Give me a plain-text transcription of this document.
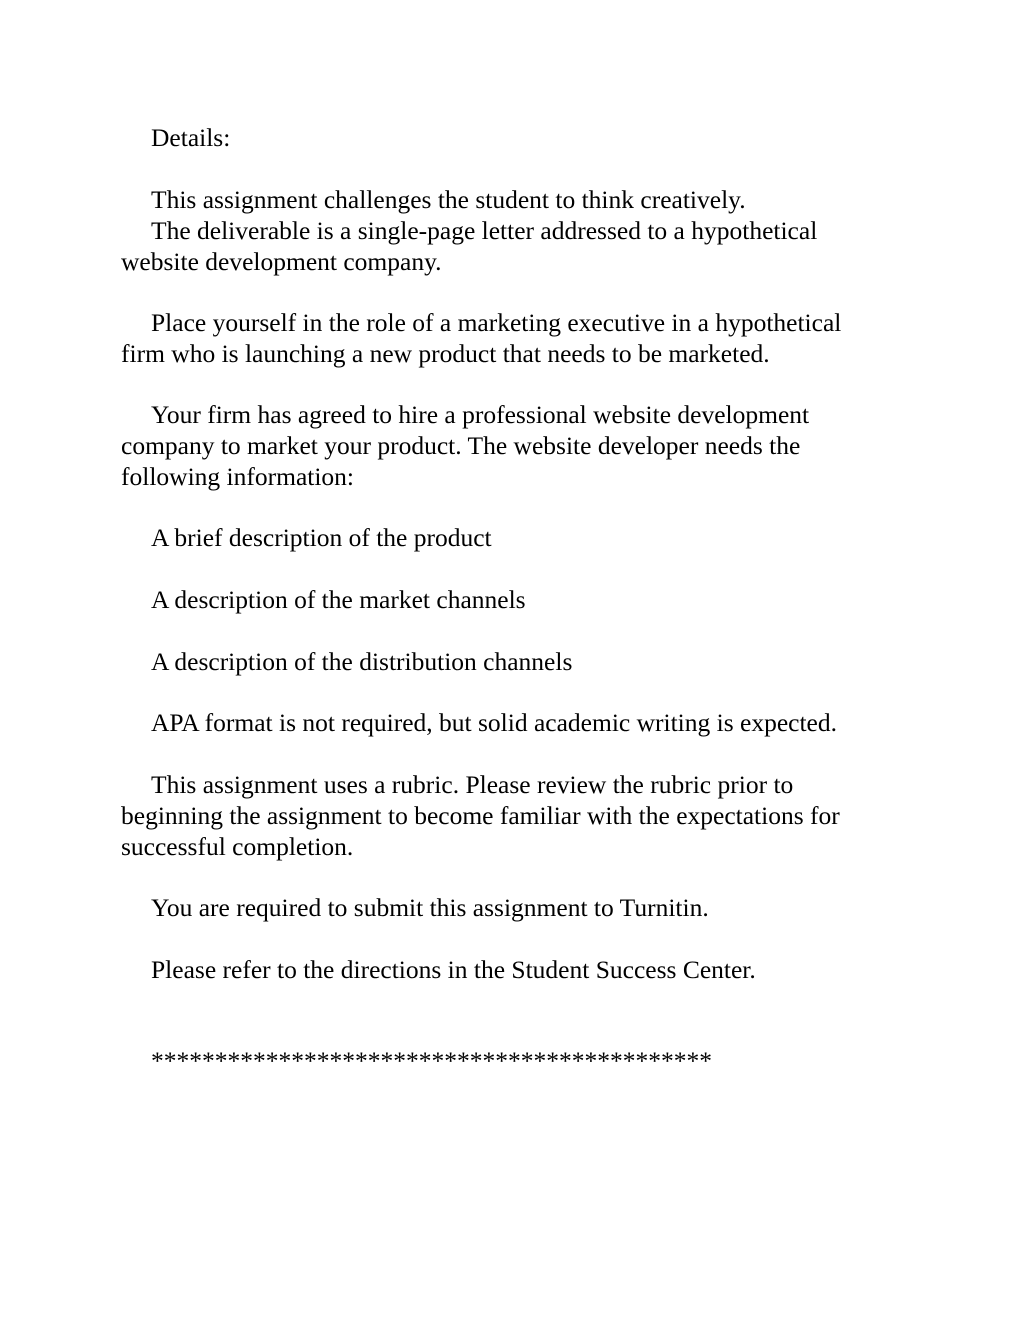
Details:

This assignment challenges the student to think creatively.

The deliverable is a single-page letter addressed to a hypothetical website development company.

Place yourself in the role of a marketing executive in a hypothetical firm who is launching a new product that needs to be marketed.

Your firm has agreed to hire a professional website development company to market your product. The website developer needs the following information:

A brief description of the product

A description of the market channels

A description of the distribution channels

APA format is not required, but solid academic writing is expected.

This assignment uses a rubric. Please review the rubric prior to beginning the assignment to become familiar with the expectations for successful completion.

You are required to submit this assignment to Turnitin.

Please refer to the directions in the Student Success Center.

********************************************
